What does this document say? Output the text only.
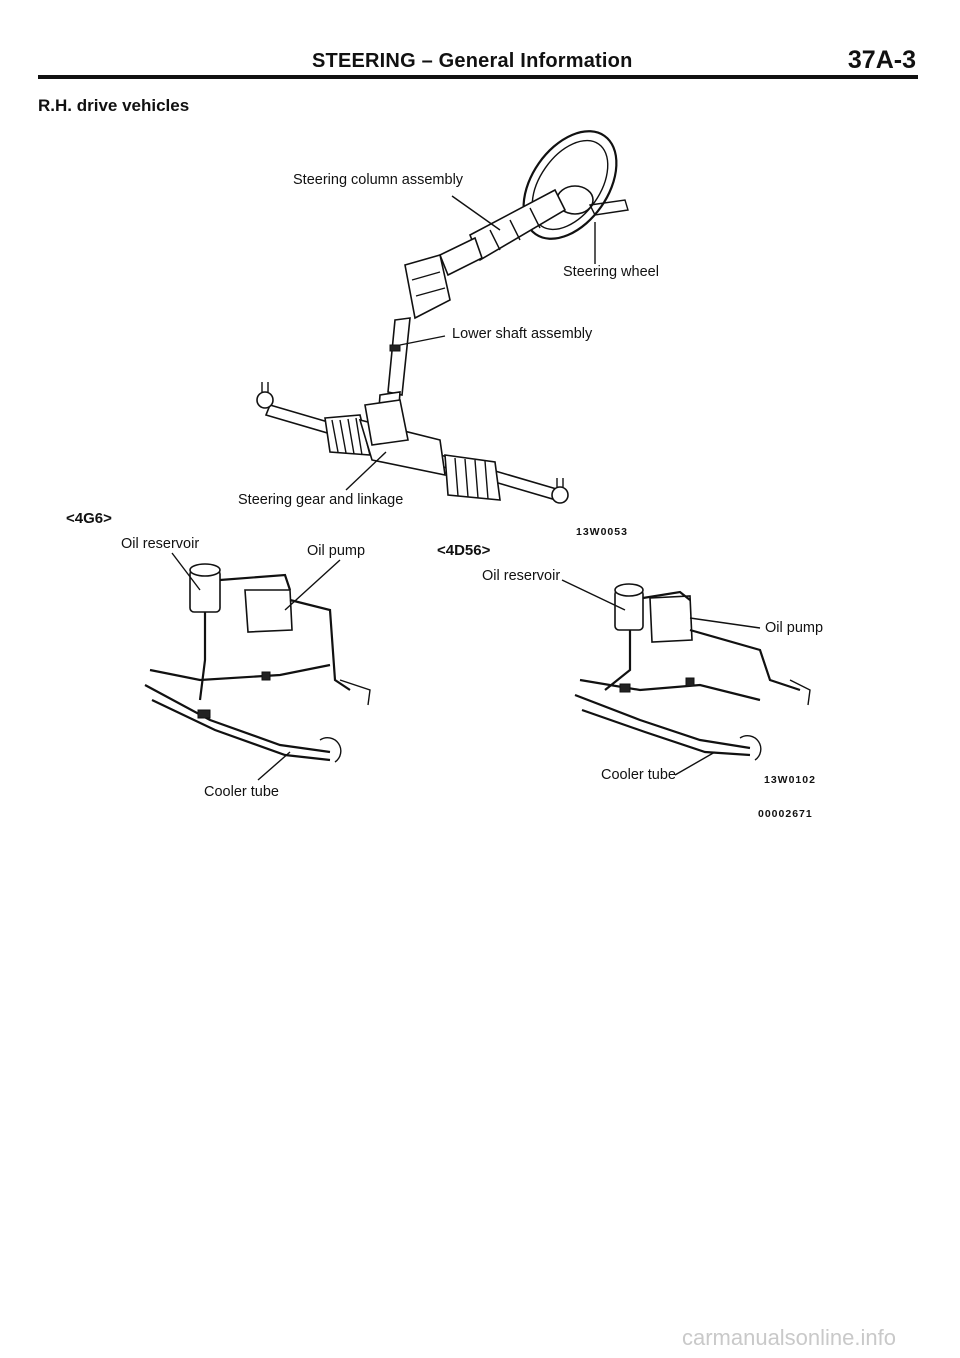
STEERING – General Information	37A-3
R.H. drive vehicles
Steering column assembly
Steering wheel
Lower shaft assembly
Steering gear and linkage
13W0053
<4G6>
Oil reservoir	Oil pump
Cooler tube
<4D56>
Oil reservoir
Oil pump
Cooler tube	13W0102
00002671
carmanualsonline.info
